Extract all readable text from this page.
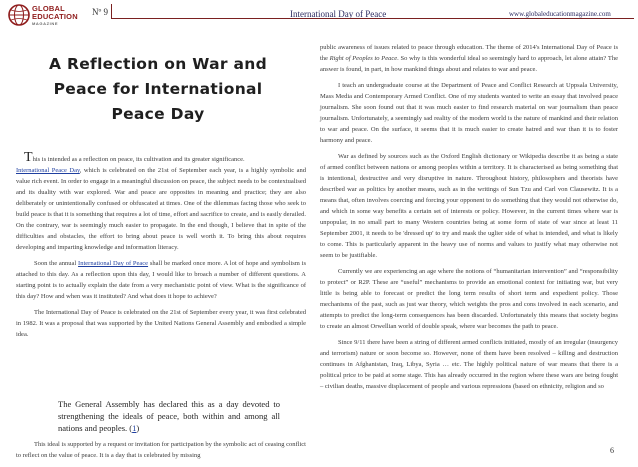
GLOBAL
EDUCATION
MAGAZINE
Nº 9	International Day of Peace	www.globaleducationmagazine.com
A Reflection on War and Peace for International Peace Day

This is intended as a reflection on peace, its cultivation and its greater significance.

International Peace Day, which is celebrated on the 21st of September each year, is a highly symbolic and value rich event. In order to engage in a meaningful discussion on peace, the subject needs to be contextualised and its duality with war explored. War and peace are opposites in meaning and practice; they are also deliberately or unintentionally confused or obfuscated at times. One of the dilemmas facing those who seek to build peace is that it is something that requires a lot of time, effort and sacrifice to create, and is easily derailed. On the contrary, war is seemingly much easier to propagate. In the end though, I believe that in spite of the difficulties and obstacles, the effort to bring about peace is well worth it. To bring this about requires developing and imparting knowledge and information literacy.

Soon the annual International Day of Peace shall be marked once more. A lot of hope and symbolism is attached to this day. As a reflection upon this day, I would like to broach a number of different questions. A starting point is to actually explain the date from a very mechanistic point of view. What is the significance of this day? How and when was it instituted? And what does it hope to achieve?

The International Day of Peace is celebrated on the 21st of September every year, it was first celebrated in 1982. It was a proposal that was supported by the United Nations General Assembly and embodied a simple idea.

The General Assembly has declared this as a day devoted to strengthening the ideals of peace, both within and among all nations and peoples. (1)

This ideal is supported by a request or invitation for participation by the symbolic act of ceasing conflict to reflect on the value of peace. It is a day that is celebrated by missing

public awareness of issues related to peace through education. The theme of 2014's International Day of Peace is the Right of Peoples to Peace. So why is this wonderful ideal so seemingly hard to approach, let alone attain? The answer is found, in part, in how mankind things about and relates to war and peace.

I teach an undergraduate course at the Department of Peace and Conflict Research at Uppsala University, Mass Media and Contemporary Armed Conflict. One of my students wanted to write an essay that involved peace journalism. She soon found out that it was much easier to find research material on war journalism than peace journalism. Unfortunately, a seemingly sad reality of the modern world is the nature of mankind and their relation to war and peace. On the surface, it seems that it is much easier to create hatred and war than it is to foster harmony and peace.

War as defined by sources such as the Oxford English dictionary or Wikipedia describe it as being a state of armed conflict between nations or among peoples within a territory. It is characterised as being something that is intentional, destructive and very disruptive in nature. Throughout history, philosophers and theorists have described war as politics by another means, such as in the writings of Sun Tzu and Carl von Clausewitz. It is a means that, often involves coercing and forcing your opponent to do something that they would not otherwise do, and which in some way benefits a certain set of interests or policy. However, in the current times where war is unpopular, in no small part to many Western countries being at some form of state of war since at least 11 September 2001, it needs to be 'dressed up' to try and mask the uglier side of what is intended, and what is likely to come. This is particularly apparent in the heavy use of norms and values to justify what may otherwise not seem to be justifiable.

Currently we are experiencing an age where the notions of “humanitarian intervention” and “responsibility to protect” or R2P. These are “useful” mechanisms to provide an emotional context for initiating war, but very little is being able to forecast or predict the long term results of short term and expedient policy. Those mechanisms of the past, such as just war theory, which weights the pros and cons involved in each scenario, and attempts to predict the long-term consequences has been discarded. Unfortunately this means that society begins to create an almost Orwellian world of double speak, where war becomes the path to peace.

Since 9/11 there have been a string of different armed conflicts initiated, mostly of an irregular (insurgency and terrorism) nature or soon become so. However, none of them have been resolved – killing and destruction continues in Afghanistan, Iraq, Libya, Syria … etc. The highly political nature of war means that there is a political price to be paid at some stage. This has already occurred in the region where these wars are being fought – civilian deaths, massive displacement of people and various repressions (based on ethnicity, religion and so

6
